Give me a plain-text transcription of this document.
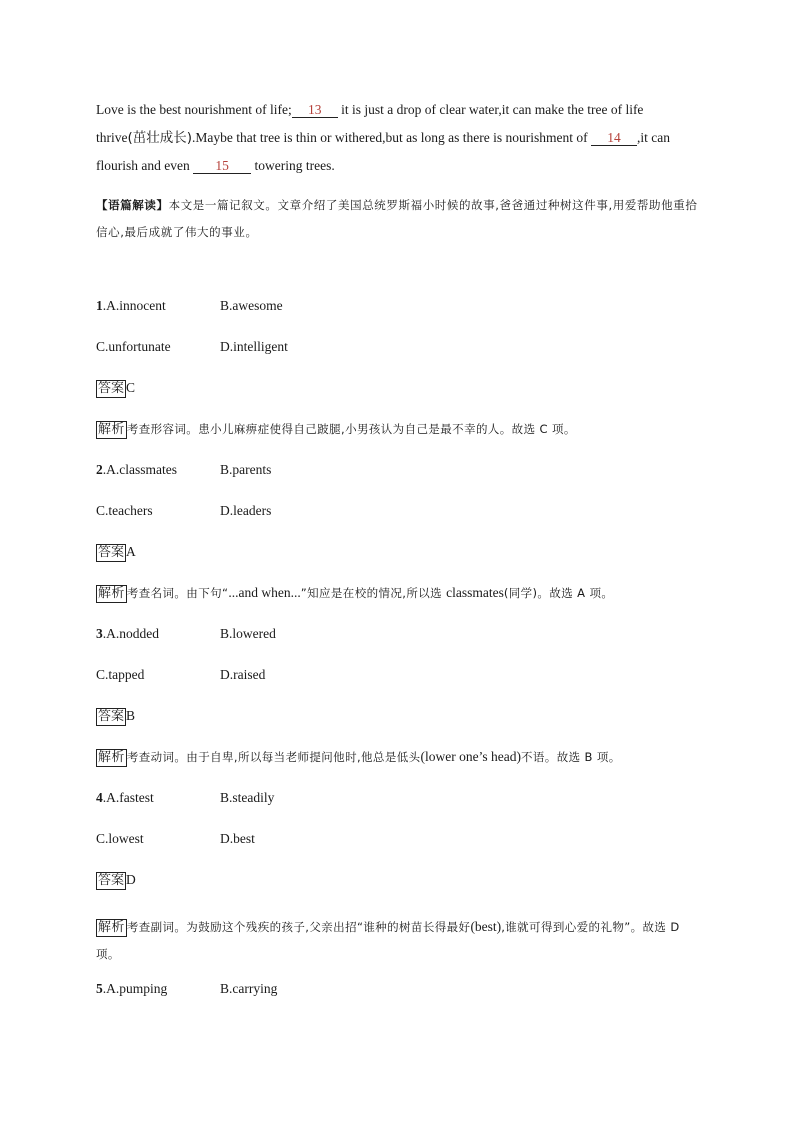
Love is the best nourishment of life; 13 it is just a drop of clear water,it can make the tree of life
thrive(茁壮成长).Maybe that tree is thin or withered,but as long as there is nourishment of 14 ,it can
flourish and even 15 towering trees.

【语篇解读】本文是一篇记叙文。文章介绍了美国总统罗斯福小时候的故事,爸爸通过种树这件事,用爱帮助他重拾信心,最后成就了伟大的事业。
1.A.innocent	B.awesome
C.unfortunate	D.intelligent
答案 C
解析 考查形容词。患小儿麻痹症使得自己跛腿,小男孩认为自己是最不幸的人。故选 C 项。
2.A.classmates	B.parents
C.teachers	D.leaders
答案 A
解析 考查名词。由下句“...and when...”知应是在校的情况,所以选 classmates(同学)。故选 A 项。
3.A.nodded	B.lowered
C.tapped	D.raised
答案 B
解析 考查动词。由于自卑,所以每当老师提问他时,他总是低头(lower one’s head)不语。故选 B 项。
4.A.fastest	B.steadily
C.lowest	D.best
答案 D
解析 考查副词。为鼓励这个残疾的孩子,父亲出招“谁种的树苗长得最好(best),谁就可得到心爱的礼物”。故选 D 项。
5.A.pumping	B.carrying
